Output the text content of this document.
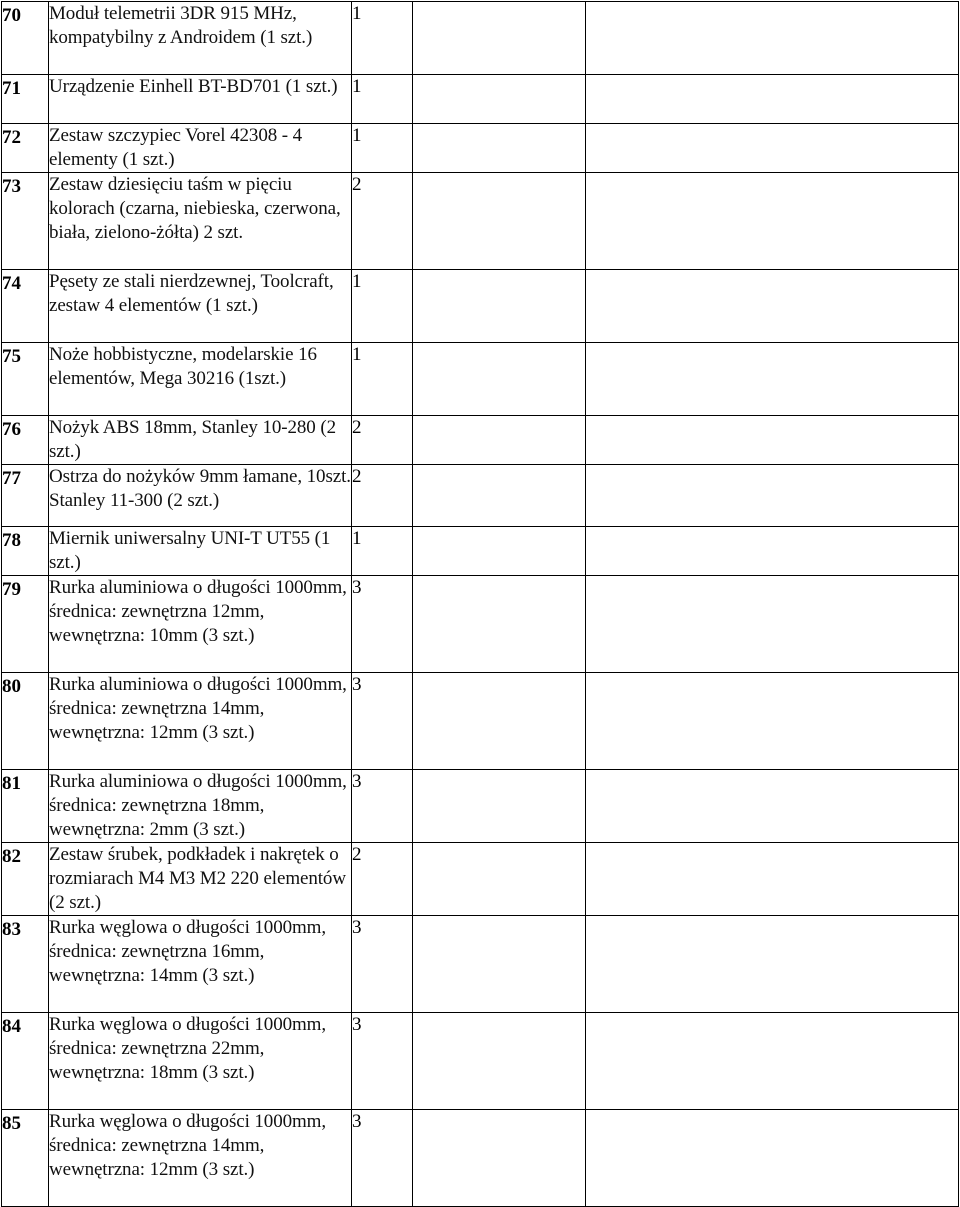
70	Moduł telemetrii 3DR 915 MHz, kompatybilny z Androidem (1 szt.)	1		

71	Urządzenie Einhell BT-BD701 (1 szt.)	1		

72	Zestaw szczypiec Vorel 42308 - 4 elementy (1 szt.)	1		

73	Zestaw dziesięciu taśm w pięciu kolorach (czarna, niebieska, czerwona, biała, zielono-żółta) 2 szt.	2		

74	Pęsety ze stali nierdzewnej, Toolcraft, zestaw 4 elementów (1 szt.)	1		

75	Noże hobbistyczne, modelarskie 16 elementów, Mega 30216 (1szt.)	1		

76	Nożyk ABS 18mm, Stanley 10-280 (2 szt.)	2		

77	Ostrza do nożyków 9mm łamane, 10szt. Stanley 11-300 (2 szt.)	2		

78	Miernik uniwersalny UNI-T UT55 (1 szt.)	1		

79	Rurka aluminiowa o długości 1000mm, średnica: zewnętrzna 12mm, wewnętrzna: 10mm (3 szt.)	3		

80	Rurka aluminiowa o długości 1000mm, średnica: zewnętrzna 14mm, wewnętrzna: 12mm (3 szt.)	3		

81	Rurka aluminiowa o długości 1000mm, średnica: zewnętrzna 18mm, wewnętrzna: 2mm (3 szt.)	3		

82	Zestaw śrubek, podkładek i nakrętek o rozmiarach M4 M3 M2 220 elementów (2 szt.)	2		

83	Rurka węglowa o długości 1000mm, średnica: zewnętrzna 16mm, wewnętrzna: 14mm (3 szt.)	3		

84	Rurka węglowa o długości 1000mm, średnica: zewnętrzna 22mm, wewnętrzna: 18mm (3 szt.)	3		

85	Rurka węglowa o długości 1000mm, średnica: zewnętrzna 14mm, wewnętrzna: 12mm (3 szt.)	3		
